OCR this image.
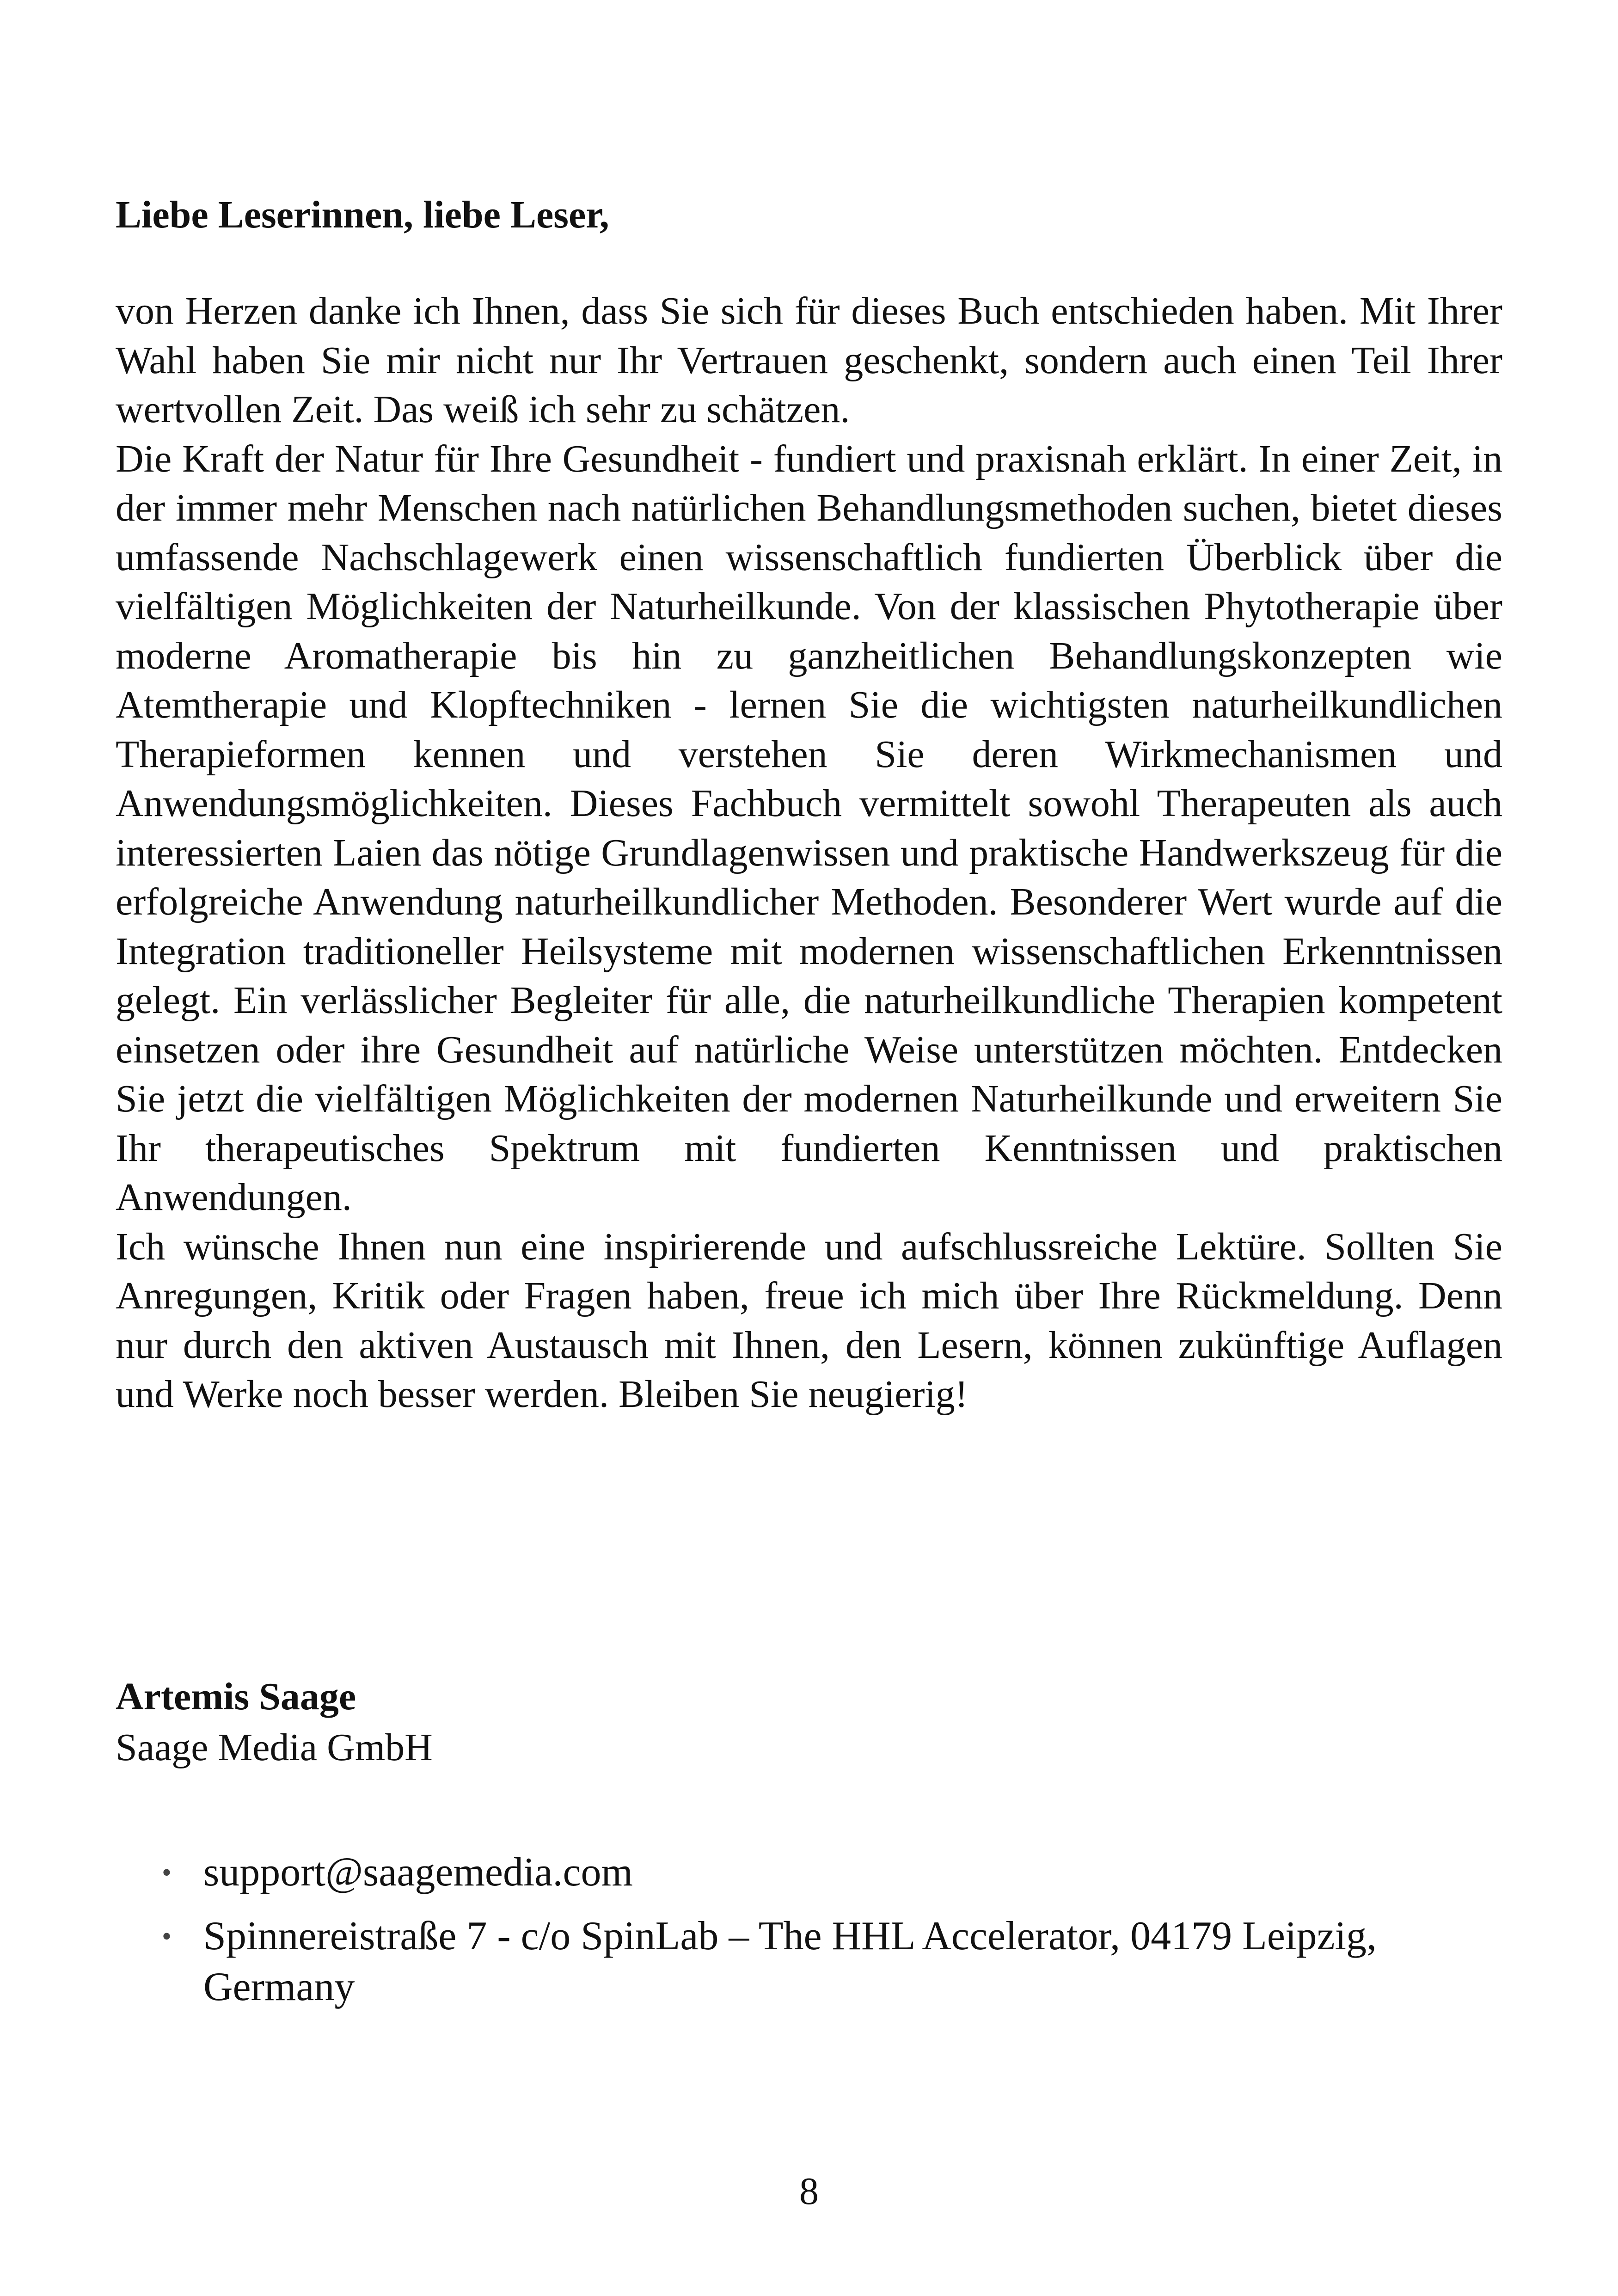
Liebe Leserinnen, liebe Leser,

von Herzen danke ich Ihnen, dass Sie sich für dieses Buch entschieden haben. Mit Ihrer Wahl haben Sie mir nicht nur Ihr Vertrauen geschenkt, sondern auch einen Teil Ihrer wertvollen Zeit. Das weiß ich sehr zu schätzen.

Die Kraft der Natur für Ihre Gesundheit - fundiert und praxisnah erklärt. In einer Zeit, in der immer mehr Menschen nach natürlichen Behandlungsmethoden suchen, bietet dieses umfassende Nachschlagewerk einen wissenschaftlich fundierten Überblick über die vielfältigen Möglichkeiten der Naturheilkunde. Von der klassischen Phytotherapie über moderne Aromatherapie bis hin zu ganzheitlichen Behandlungskonzepten wie Atemtherapie und Klopftechniken - lernen Sie die wichtigsten naturheilkundlichen Therapieformen kennen und verstehen Sie deren Wirkmechanismen und Anwendungsmöglichkeiten. Dieses Fachbuch vermittelt sowohl Therapeuten als auch interessierten Laien das nötige Grundlagenwissen und praktische Handwerkszeug für die erfolgreiche Anwendung naturheilkundlicher Methoden. Besonderer Wert wurde auf die Integration traditioneller Heilsysteme mit modernen wissenschaftlichen Erkenntnissen gelegt. Ein verlässlicher Begleiter für alle, die naturheilkundliche Therapien kompetent einsetzen oder ihre Gesundheit auf natürliche Weise unterstützen möchten. Entdecken Sie jetzt die vielfältigen Möglichkeiten der modernen Naturheilkunde und erweitern Sie Ihr therapeutisches Spektrum mit fundierten Kenntnissen und praktischen Anwendungen.

Ich wünsche Ihnen nun eine inspirierende und aufschlussreiche Lektüre. Sollten Sie Anregungen, Kritik oder Fragen haben, freue ich mich über Ihre Rückmeldung. Denn nur durch den aktiven Austausch mit Ihnen, den Lesern, können zukünftige Auflagen und Werke noch besser werden. Bleiben Sie neugierig!

Artemis Saage

Saage Media GmbH

• support@saagemedia.com
• Spinnereistraße 7 - c/o SpinLab – The HHL Accelerator, 04179 Leipzig, Germany
8
